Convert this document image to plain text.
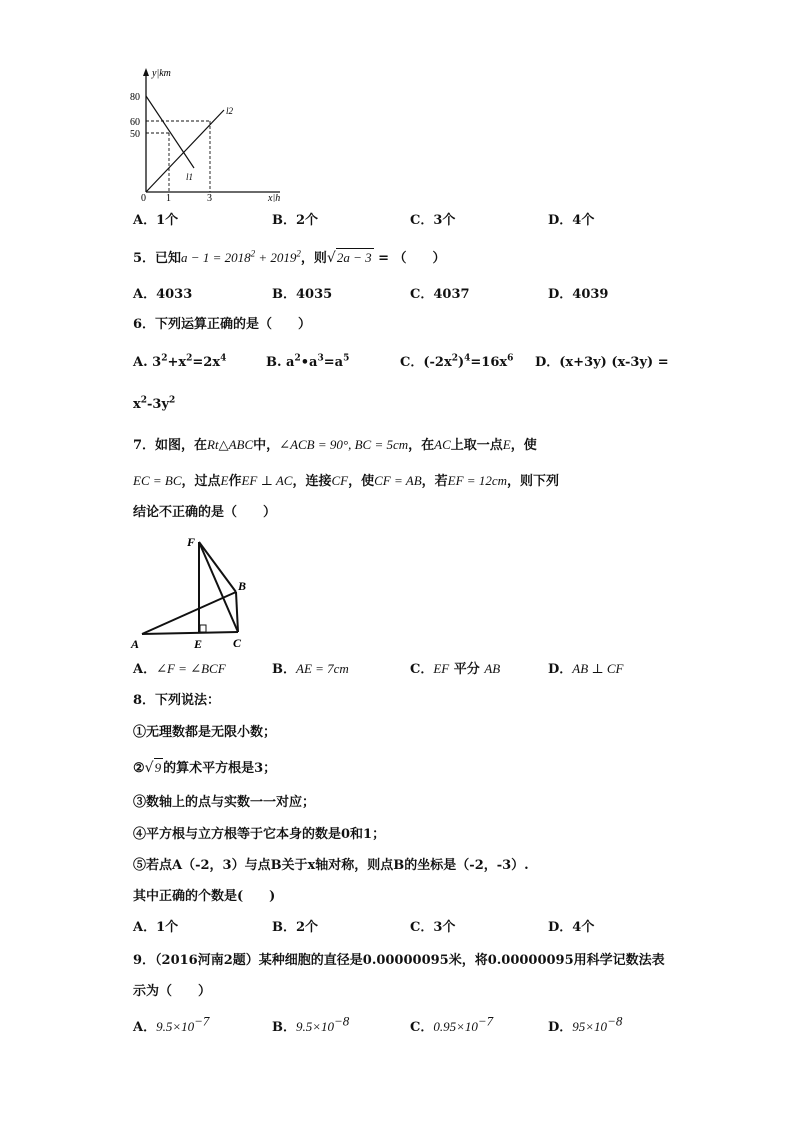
y|km
80
60
50
0 1	3	x|h
l2
l1
A．1个	B．2个	C．3个	D．4个
5．已知$a - 1 = 2018^2 + 2019^2$，则√2a − 3 = （　　）
A．4033	B．4035	C．4037	D．4039
6．下列运算正确的是（　　）
A. $3^2+x^2=2x^4$	B. $a^2•a^3=a^5$	C．$(-2x^2)^4=16x^6$ D．(x+3y) (x-3y) =
$x^2-3y^2$
7．如图，在Rt△ABC中，∠ACB = 90°, BC = 5cm，在AC上取一点E，使
EC = BC，过点E作EF ⊥ AC，连接CF，使CF = AB，若EF = 12cm，则下列
结论不正确的是（　　）
F
B
A	E	C
A．∠F = ∠BCF	B．AE = 7cm	C．EF 平分 AB	D．AB ⊥ CF
8．下列说法：
①无理数都是无限小数；
②√9 的算术平方根是3；
③数轴上的点与实数一一对应；
④平方根与立方根等于它本身的数是0和1；
⑤若点A（-2，3）与点B关于x轴对称，则点B的坐标是（-2，-3）.
其中正确的个数是(　　)
A．1个	B．2个	C．3个	D．4个
9．（2016河南2题）某种细胞的直径是0.00000095米，将0.00000095用科学记数法表
示为（　　）
A．$9.5\times 10^{-7}$	B．$9.5\times 10^{-8}$	C．$0.95\times 10^{-7}$	D．$95\times 10^{-8}$
